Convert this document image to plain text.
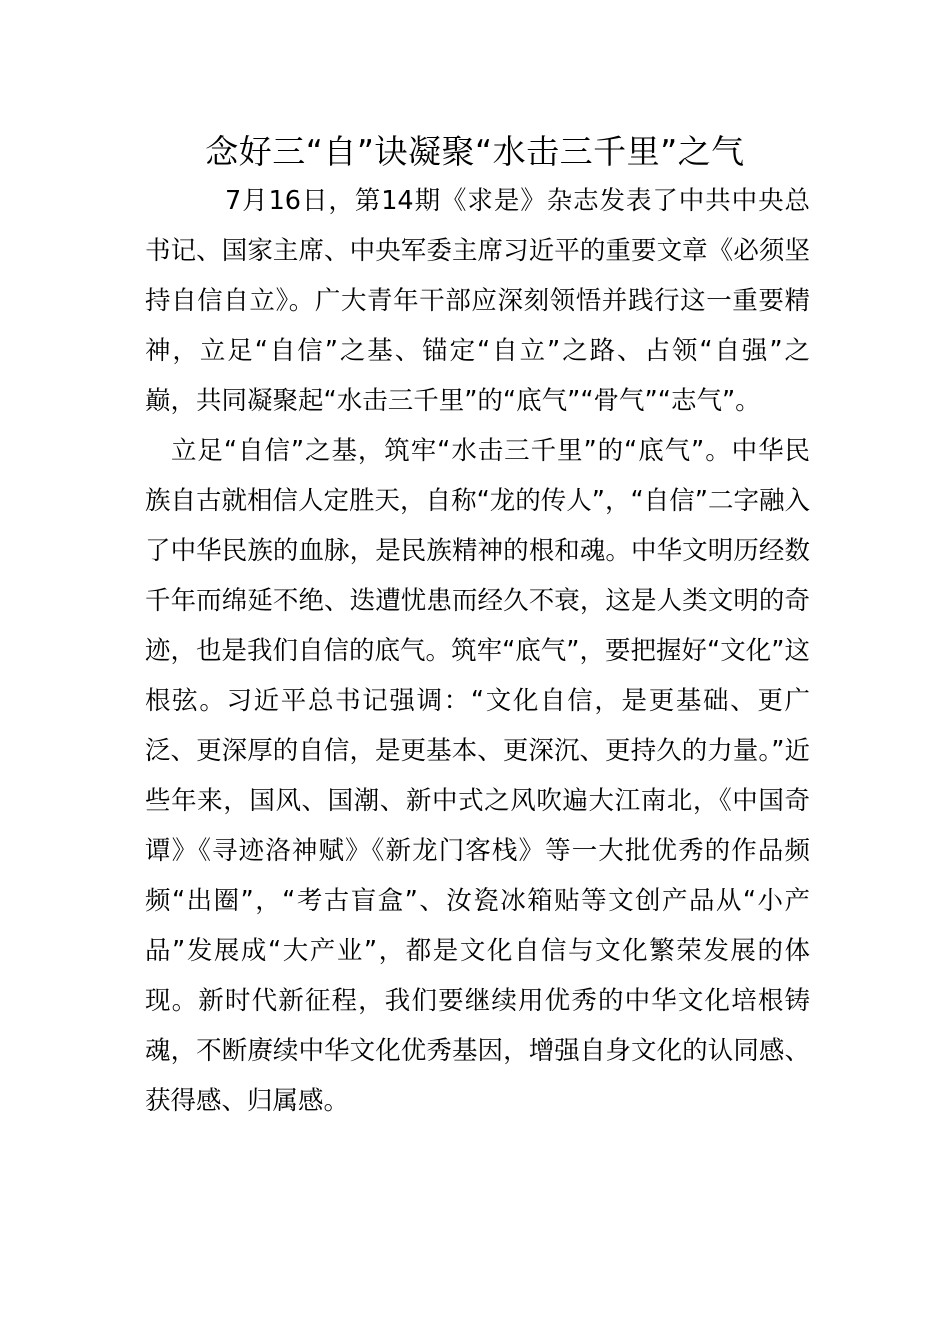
念好三“自”诀凝聚“水击三千里”之气

7月16日，第14期《求是》杂志发表了中共中央总书记、国家主席、中央军委主席习近平的重要文章《必须坚持自信自立》。广大青年干部应深刻领悟并践行这一重要精神，立足“自信”之基、锚定“自立”之路、占领“自强”之巅，共同凝聚起“水击三千里”的“底气”“骨气”“志气”。

立足“自信”之基，筑牢“水击三千里”的“底气”。中华民族自古就相信人定胜天，自称“龙的传人”，“自信”二字融入了中华民族的血脉，是民族精神的根和魂。中华文明历经数千年而绵延不绝、迭遭忧患而经久不衰，这是人类文明的奇迹，也是我们自信的底气。筑牢“底气”，要把握好“文化”这根弦。习近平总书记强调：“文化自信，是更基础、更广泛、更深厚的自信，是更基本、更深沉、更持久的力量。”近些年来，国风、国潮、新中式之风吹遍大江南北，《中国奇谭》《寻迹洛神赋》《新龙门客栈》等一大批优秀的作品频频“出圈”，“考古盲盒”、汝瓷冰箱贴等文创产品从“小产品”发展成“大产业”，都是文化自信与文化繁荣发展的体现。新时代新征程，我们要继续用优秀的中华文化培根铸魂，不断赓续中华文化优秀基因，增强自身文化的认同感、获得感、归属感。
